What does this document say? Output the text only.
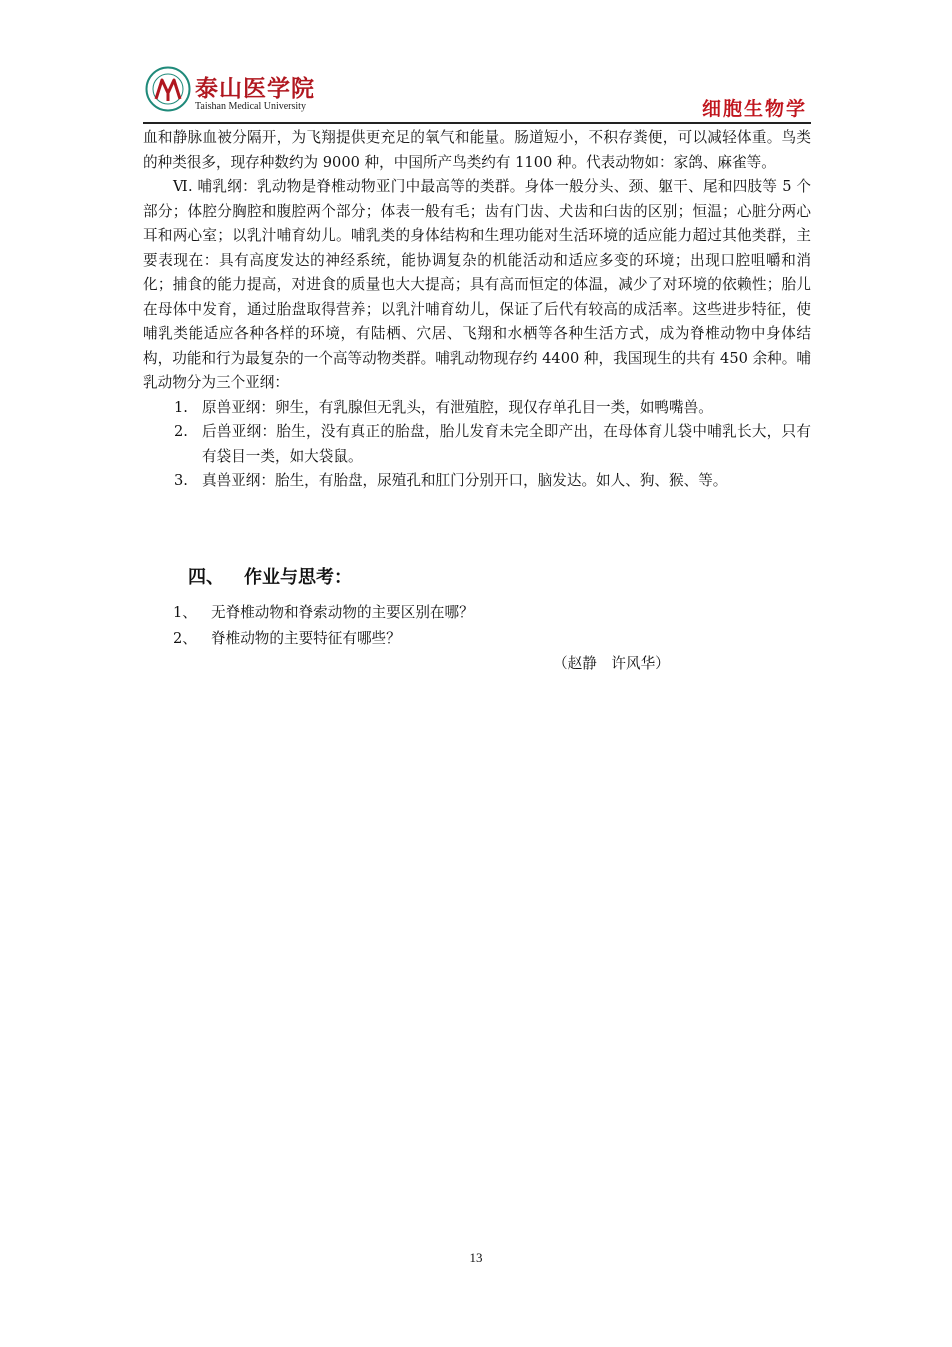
泰山医学院
Taishan Medical University	细胞生物学

血和静脉血被分隔开，为飞翔提供更充足的氧气和能量。肠道短小，不积存粪便，可以减轻体重。鸟类的种类很多，现存种数约为 9000 种，中国所产鸟类约有 1100 种。代表动物如：家鸽、麻雀等。

Ⅵ. 哺乳纲：乳动物是脊椎动物亚门中最高等的类群。身体一般分头、颈、躯干、尾和四肢等 5 个部分；体腔分胸腔和腹腔两个部分；体表一般有毛；齿有门齿、犬齿和臼齿的区别；恒温；心脏分两心耳和两心室；以乳汁哺育幼儿。哺乳类的身体结构和生理功能对生活环境的适应能力超过其他类群，主要表现在：具有高度发达的神经系统，能协调复杂的机能活动和适应多变的环境；出现口腔咀嚼和消化；捕食的能力提高，对进食的质量也大大提高；具有高而恒定的体温，减少了对环境的依赖性；胎儿在母体中发育，通过胎盘取得营养；以乳汁哺育幼儿，保证了后代有较高的成活率。这些进步特征，使哺乳类能适应各种各样的环境，有陆栖、穴居、飞翔和水栖等各种生活方式，成为脊椎动物中身体结构，功能和行为最复杂的一个高等动物类群。哺乳动物现存约 4400 种，我国现生的共有 450 余种。哺乳动物分为三个亚纲：

1. 原兽亚纲：卵生，有乳腺但无乳头，有泄殖腔，现仅存单孔目一类，如鸭嘴兽。
2. 后兽亚纲：胎生，没有真正的胎盘，胎儿发育未完全即产出，在母体育儿袋中哺乳长大，只有有袋目一类，如大袋鼠。
3. 真兽亚纲：胎生，有胎盘，尿殖孔和肛门分别开口，脑发达。如人、狗、猴、等。
四、 作业与思考：
1、 无脊椎动物和脊索动物的主要区别在哪？
2、 脊椎动物的主要特征有哪些？
（赵静　许风华）
13
